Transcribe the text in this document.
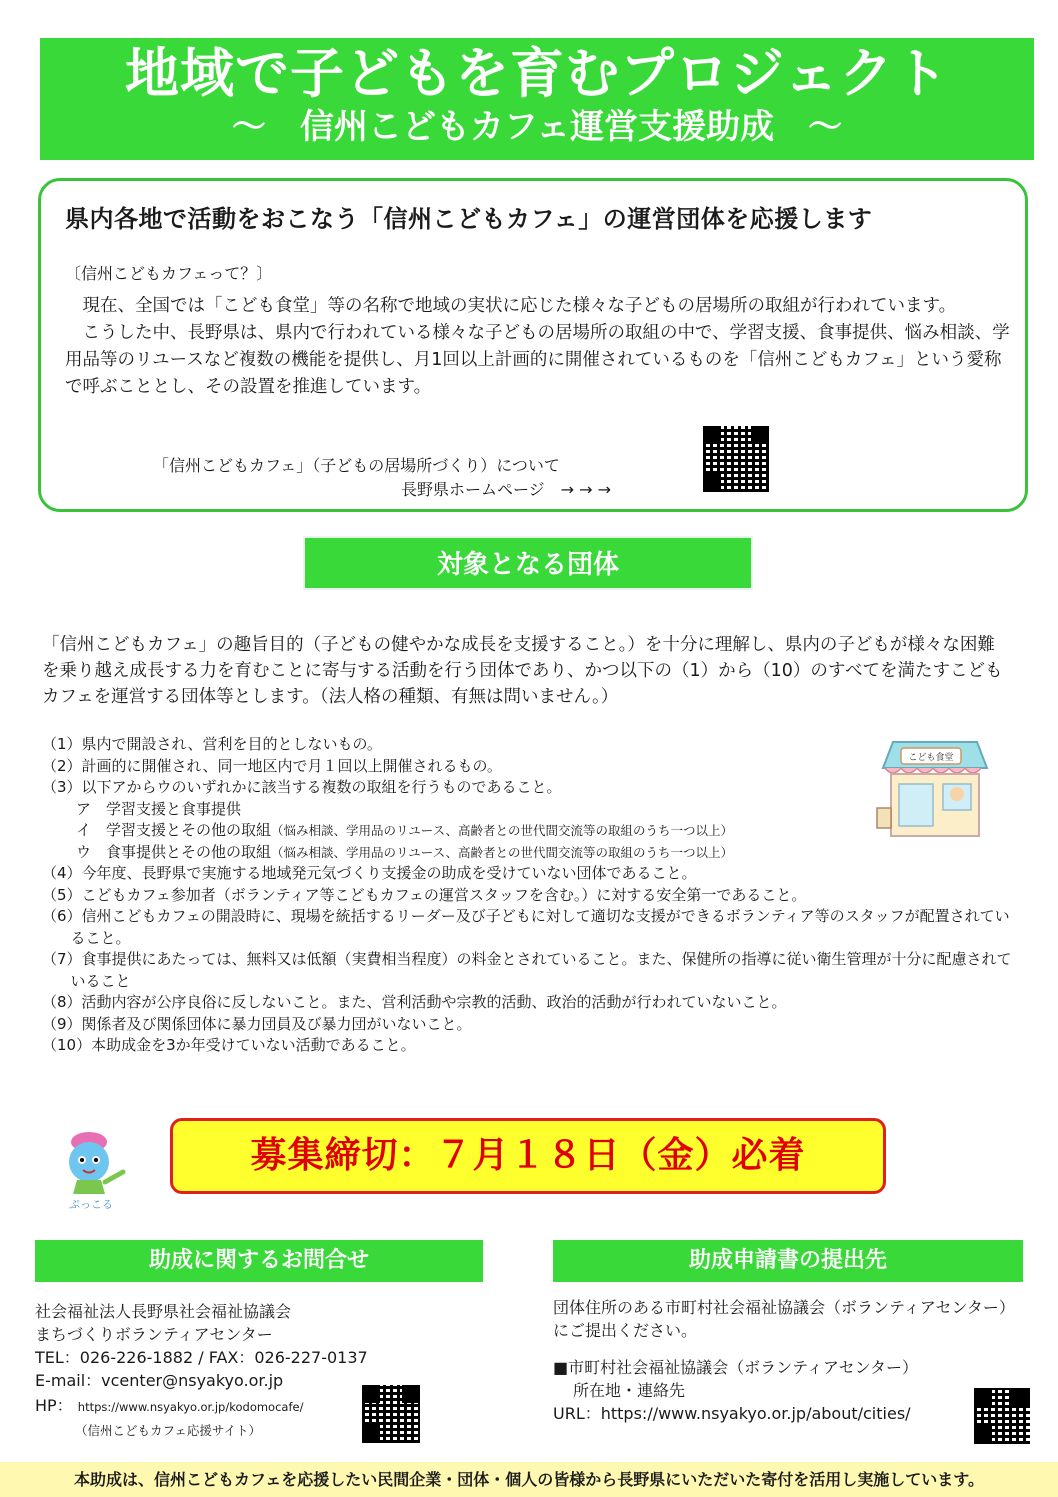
地域で子どもを育むプロジェクト
～　信州こどもカフェ運営支援助成　～
県内各地で活動をおこなう「信州こどもカフェ」の運営団体を応援します
〔信州こどもカフェって？〕

現在、全国では「こども食堂」等の名称で地域の実状に応じた様々な子どもの居場所の取組が行われています。

こうした中、長野県は、県内で行われている様々な子どもの居場所の取組の中で、学習支援、食事提供、悩み相談、学用品等のリユースなど複数の機能を提供し、月1回以上計画的に開催されているものを「信州こどもカフェ」という愛称で呼ぶこととし、その設置を推進しています。

「信州こどもカフェ」（子どもの居場所づくり）について
長野県ホームページ　→ → →
対象となる団体
「信州こどもカフェ」の趣旨目的（子どもの健やかな成長を支援すること。）を十分に理解し、県内の子どもが様々な困難を乗り越え成長する力を育むことに寄与する活動を行う団体であり、かつ以下の（1）から（10）のすべてを満たすこどもカフェを運営する団体等とします。（法人格の種類、有無は問いません。）
（1）県内で開設され、営利を目的としないもの。
（2）計画的に開催され、同一地区内で月１回以上開催されるもの。
（3）以下アからウのいずれかに該当する複数の取組を行うものであること。
ア　学習支援と食事提供
イ　学習支援とその他の取組（悩み相談、学用品のリユース、高齢者との世代間交流等の取組のうち一つ以上）
ウ　食事提供とその他の取組（悩み相談、学用品のリユース、高齢者との世代間交流等の取組のうち一つ以上）
（4）今年度、長野県で実施する地域発元気づくり支援金の助成を受けていない団体であること。
（5）こどもカフェ参加者（ボランティア等こどもカフェの運営スタッフを含む。）に対する安全第一であること。
（6）信州こどもカフェの開設時に、現場を統括するリーダー及び子どもに対して適切な支援ができるボランティア等のスタッフが配置されていること。
（7）食事提供にあたっては、無料又は低額（実費相当程度）の料金とされていること。また、保健所の指導に従い衛生管理が十分に配慮されていること
（8）活動内容が公序良俗に反しないこと。また、営利活動や宗教的活動、政治的活動が行われていないこと。
（9）関係者及び関係団体に暴力団員及び暴力団がいないこと。
（10）本助成金を3か年受けていない活動であること。
こども食堂
ぷっこる
募集締切：７月１８日（金）必着
助成に関するお問合せ
社会福祉法人長野県社会福祉協議会
まちづくりボランティアセンター
TEL：026-226-1882 / FAX：026-227-0137
E-mail：vcenter@nsyakyo.or.jp
HP： https://www.nsyakyo.or.jp/kodomocafe/
（信州こどもカフェ応援サイト）
助成申請書の提出先
団体住所のある市町村社会福祉協議会（ボランティアセンター）にご提出ください。
■市町村社会福祉協議会（ボランティアセンター）
所在地・連絡先
URL：https://www.nsyakyo.or.jp/about/cities/
本助成は、信州こどもカフェを応援したい民間企業・団体・個人の皆様から長野県にいただいた寄付を活用し実施しています。
